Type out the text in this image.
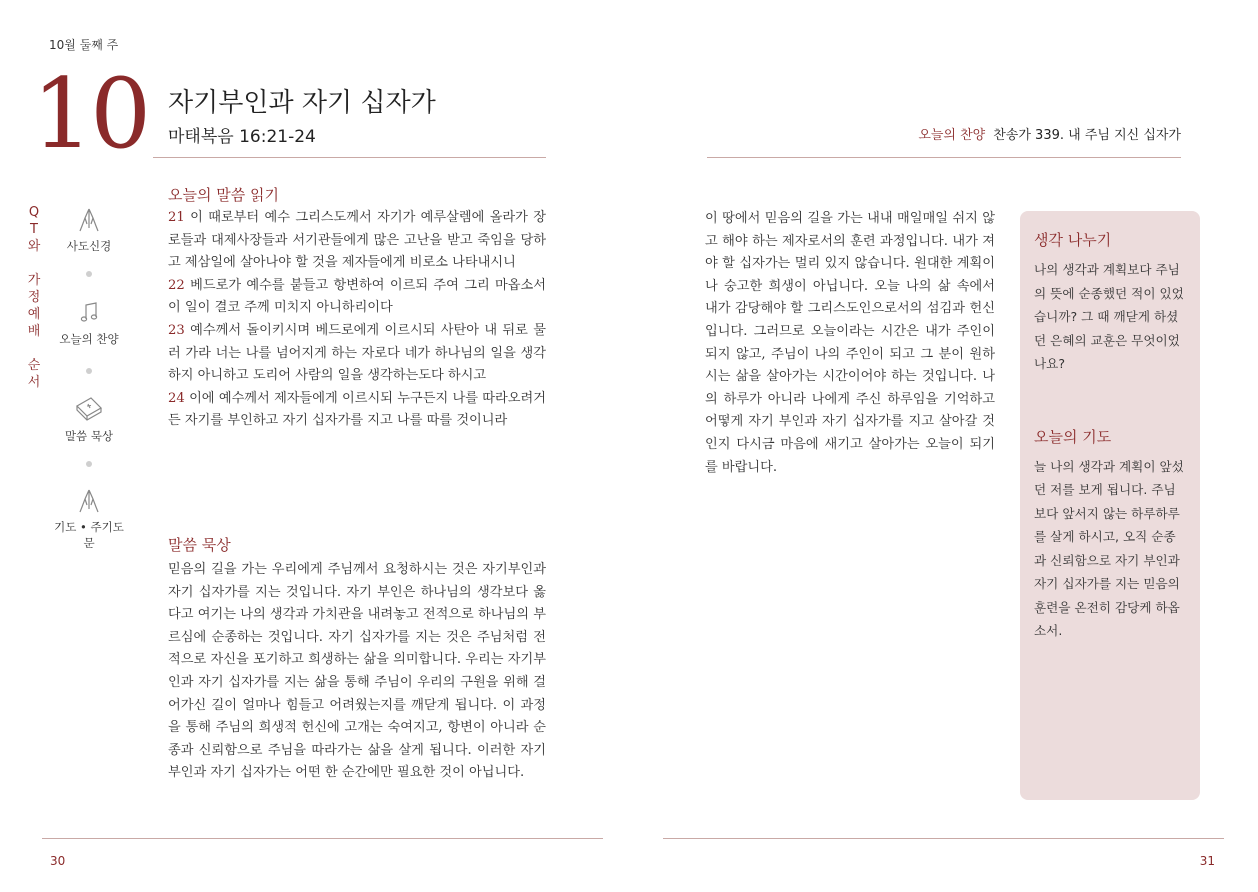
10월 둘째 주
10 자기부인과 자기 십자가
마태복음 16:21-24	오늘의 찬양 찬송가 339. 내 주님 지신 십자가
Q
T
와

가
정
예
배

순
서
사도신경
오늘의 찬양
말씀 묵상
기도 • 주기도문
오늘의 말씀 읽기
21 이 때로부터 예수 그리스도께서 자기가 예루살렘에 올라가 장로들과 대제사장들과 서기관들에게 많은 고난을 받고 죽임을 당하고 제삼일에 살아나야 할 것을 제자들에게 비로소 나타내시니
22 베드로가 예수를 붙들고 항변하여 이르되 주여 그리 마옵소서 이 일이 결코 주께 미치지 아니하리이다
23 예수께서 돌이키시며 베드로에게 이르시되 사탄아 내 뒤로 물러 가라 너는 나를 넘어지게 하는 자로다 네가 하나님의 일을 생각하지 아니하고 도리어 사람의 일을 생각하는도다 하시고
24 이에 예수께서 제자들에게 이르시되 누구든지 나를 따라오려거든 자기를 부인하고 자기 십자가를 지고 나를 따를 것이니라
말씀 묵상
믿음의 길을 가는 우리에게 주님께서 요청하시는 것은 자기부인과 자기 십자가를 지는 것입니다. 자기 부인은 하나님의 생각보다 옳다고 여기는 나의 생각과 가치관을 내려놓고 전적으로 하나님의 부르심에 순종하는 것입니다. 자기 십자가를 지는 것은 주님처럼 전적으로 자신을 포기하고 희생하는 삶을 의미합니다. 우리는 자기부인과 자기 십자가를 지는 삶을 통해 주님이 우리의 구원을 위해 걸어가신 길이 얼마나 힘들고 어려웠는지를 깨닫게 됩니다. 이 과정을 통해 주님의 희생적 헌신에 고개는 숙여지고, 항변이 아니라 순종과 신뢰함으로 주님을 따라가는 삶을 살게 됩니다. 이러한 자기 부인과 자기 십자가는 어떤 한 순간에만 필요한 것이 아닙니다.
이 땅에서 믿음의 길을 가는 내내 매일매일 쉬지 않고 해야 하는 제자로서의 훈련 과정입니다. 내가 져야 할 십자가는 멀리 있지 않습니다. 원대한 계획이나 숭고한 희생이 아닙니다. 오늘 나의 삶 속에서 내가 감당해야 할 그리스도인으로서의 섬김과 헌신입니다. 그러므로 오늘이라는 시간은 내가 주인이 되지 않고, 주님이 나의 주인이 되고 그 분이 원하시는 삶을 살아가는 시간이어야 하는 것입니다. 나의 하루가 아니라 나에게 주신 하루임을 기억하고 어떻게 자기 부인과 자기 십자가를 지고 살아갈 것인지 다시금 마음에 새기고 살아가는 오늘이 되기를 바랍니다.
생각 나누기
나의 생각과 계획보다 주님의 뜻에 순종했던 적이 있었습니까? 그 때 깨닫게 하셨던 은혜의 교훈은 무엇이었나요?
오늘의 기도
늘 나의 생각과 계획이 앞섰던 저를 보게 됩니다. 주님보다 앞서지 않는 하루하루를 살게 하시고, 오직 순종과 신뢰함으로 자기 부인과 자기 십자가를 지는 믿음의 훈련을 온전히 감당케 하옵소서.
30	31
